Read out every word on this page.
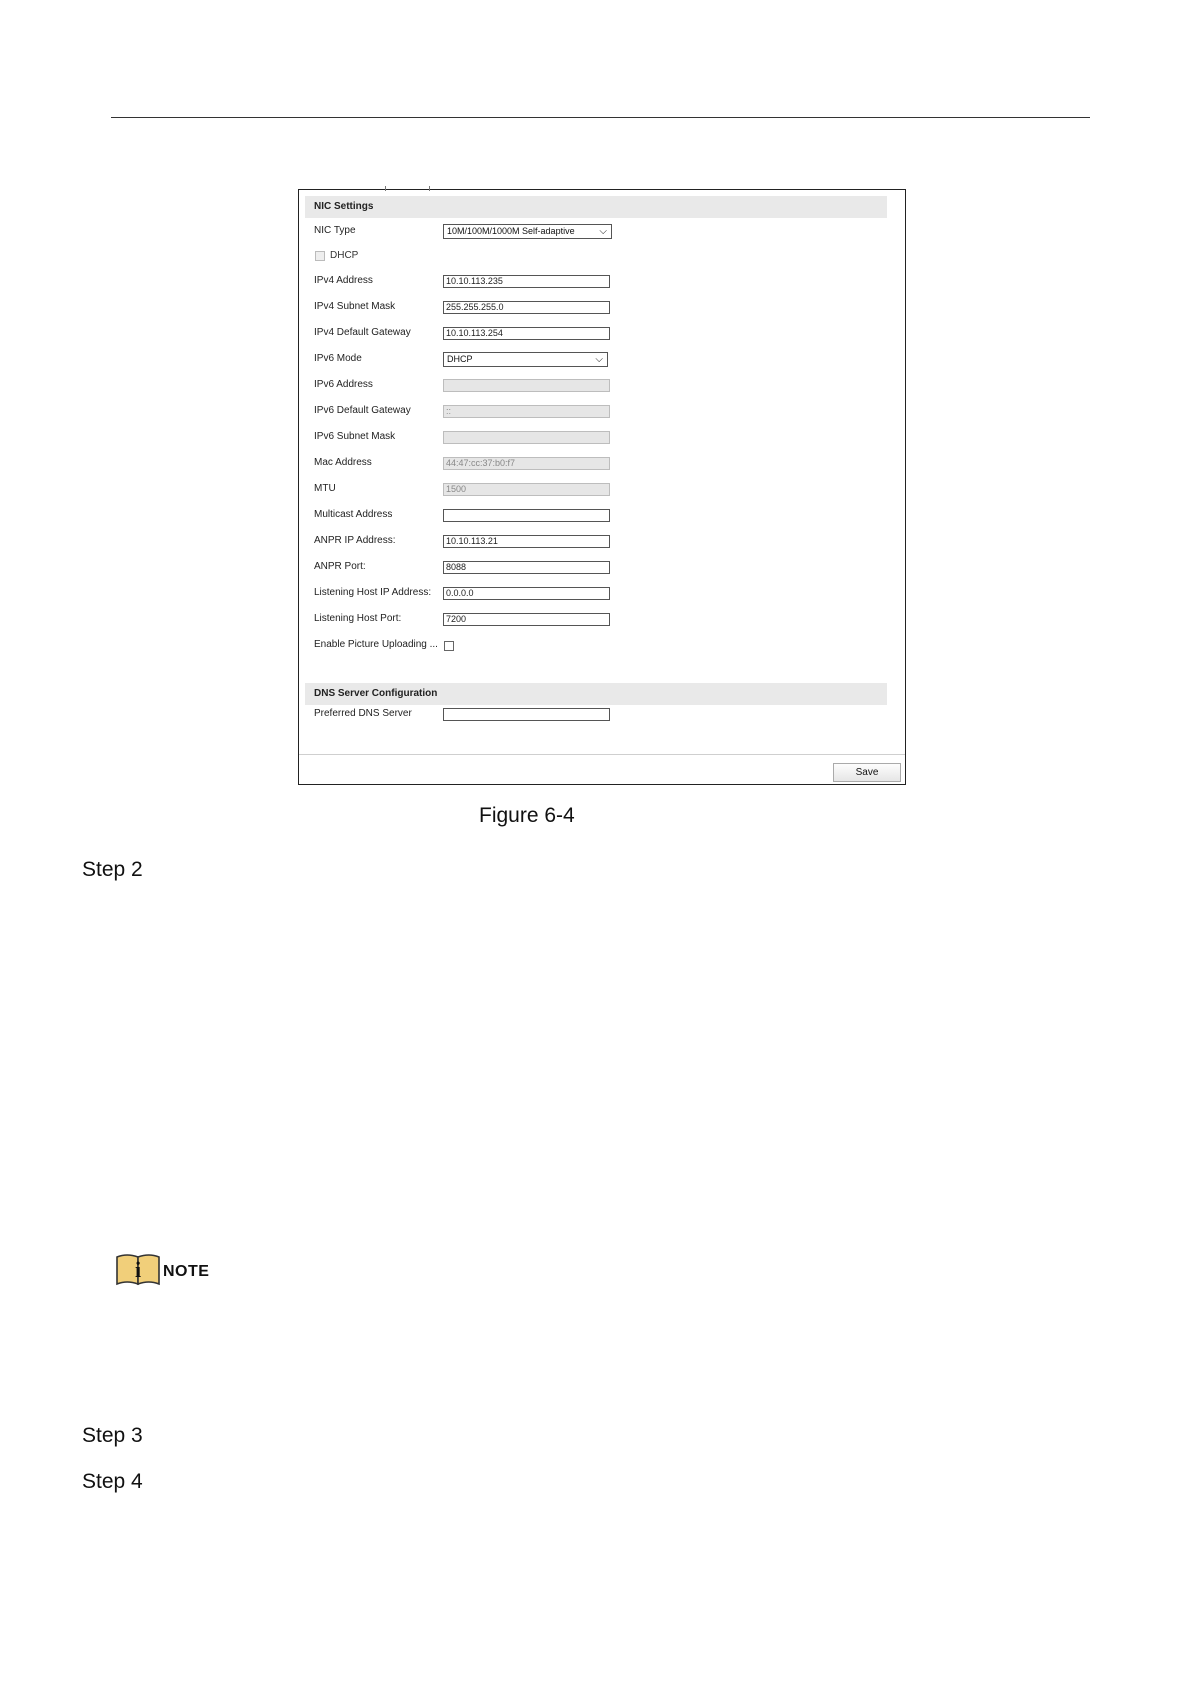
NIC Settings
NIC Type	10M/100M/1000M Self-adaptive ⌵
DHCP
IPv4 Address	10.10.113.235
IPv4 Subnet Mask	255.255.255.0
IPv4 Default Gateway	10.10.113.254
IPv6 Mode	DHCP	⌵
IPv6 Address
IPv6 Default Gateway	::
IPv6 Subnet Mask
Mac Address	44:47:cc:37:b0:f7
MTU	1500
Multicast Address
ANPR IP Address:	10.10.113.21
ANPR Port:	8088
Listening Host IP Address:	0.0.0.0
Listening Host Port:	7200
Enable Picture Uploading ...
DNS Server Configuration
Preferred DNS Server
Save
Figure 6-4
Step 2
i NOTE
Step 3
Step 4
